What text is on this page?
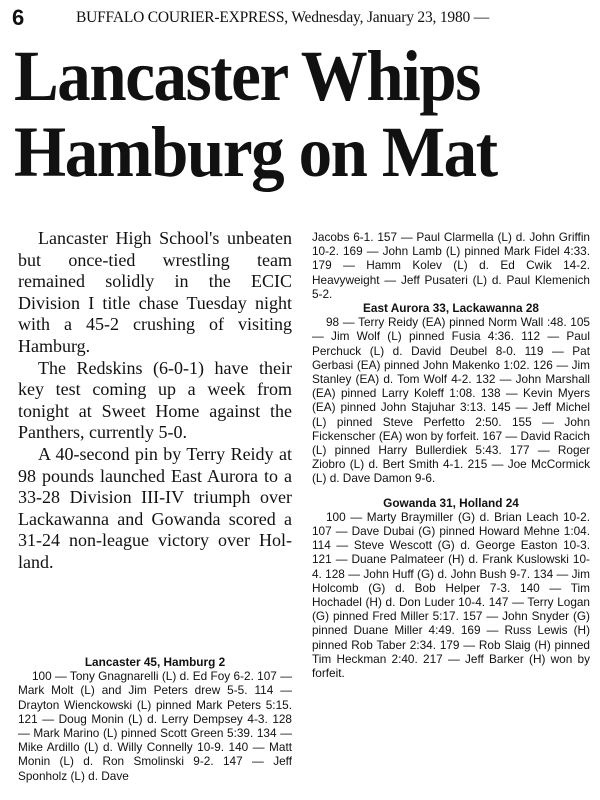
6	BUFFALO COURIER-EXPRESS, Wednesday, January 23, 1980 —
Lancaster Whips
Hamburg on Mat

Lancaster High School's unbeaten but once-tied wrestling team remained solidly in the ECIC Division I title chase Tuesday night with a 45-2 crushing of visiting Hamburg.

The Redskins (6-0-1) have their key test coming up a week from tonight at Sweet Home against the Panthers, currently 5-0.

A 40-second pin by Terry Reidy at 98 pounds launched East Aurora to a 33-28 Division III-IV triumph over Lackawanna and Gowanda scored a 31-24 non-league victory over Holland.

Lancaster 45, Hamburg 2

100 — Tony Gnagnarelli (L) d. Ed Foy 6-2. 107 — Mark Molt (L) and Jim Peters drew 5-5. 114 — Drayton Wienckowski (L) pinned Mark Peters 5:15. 121 — Doug Monin (L) d. Lerry Dempsey 4-3. 128 — Mark Marino (L) pinned Scott Green 5:39. 134 — Mike Ardillo (L) d. Willy Connelly 10-9. 140 — Matt Monin (L) d. Ron Smolinski 9-2. 147 — Jeff Sponholz (L) d. Dave

Jacobs 6-1. 157 — Paul Clarmella (L) d. John Griffin 10-2. 169 — John Lamb (L) pinned Mark Fidel 4:33. 179 — Hamm Kolev (L) d. Ed Cwik 14-2. Heavyweight — Jeff Pusateri (L) d. Paul Klemenich 5-2.

East Aurora 33, Lackawanna 28

98 — Terry Reidy (EA) pinned Norm Wall :48. 105 — Jim Wolf (L) pinned Fusia 4:36. 112 — Paul Perchuck (L) d. David Deubel 8-0. 119 — Pat Gerbasi (EA) pinned John Makenko 1:02. 126 — Jim Stanley (EA) d. Tom Wolf 4-2. 132 — John Marshall (EA) pinned Larry Koleff 1:08. 138 — Kevin Myers (EA) pinned John Stajuhar 3:13. 145 — Jeff Michel (L) pinned Steve Perfetto 2:50. 155 — John Fickenscher (EA) won by forfeit. 167 — David Racich (L) pinned Harry Bullerdiek 5:43. 177 — Roger Ziobro (L) d. Bert Smith 4-1. 215 — Joe McCormick (L) d. Dave Damon 9-6.

Gowanda 31, Holland 24

100 — Marty Braymiller (G) d. Brian Leach 10-2. 107 — Dave Dubai (G) pinned Howard Mehne 1:04. 114 — Steve Wescott (G) d. George Easton 10-3. 121 — Duane Palmateer (H) d. Frank Kuslowski 10-4. 128 — John Huff (G) d. John Bush 9-7. 134 — Jim Holcomb (G) d. Bob Helper 7-3. 140 — Tim Hochadel (H) d. Don Luder 10-4. 147 — Terry Logan (G) pinned Fred Miller 5:17. 157 — John Snyder (G) pinned Duane Miller 4:49. 169 — Russ Lewis (H) pinned Rob Taber 2:34. 179 — Rob Slaig (H) pinned Tim Heckman 2:40. 217 — Jeff Barker (H) won by forfeit.
